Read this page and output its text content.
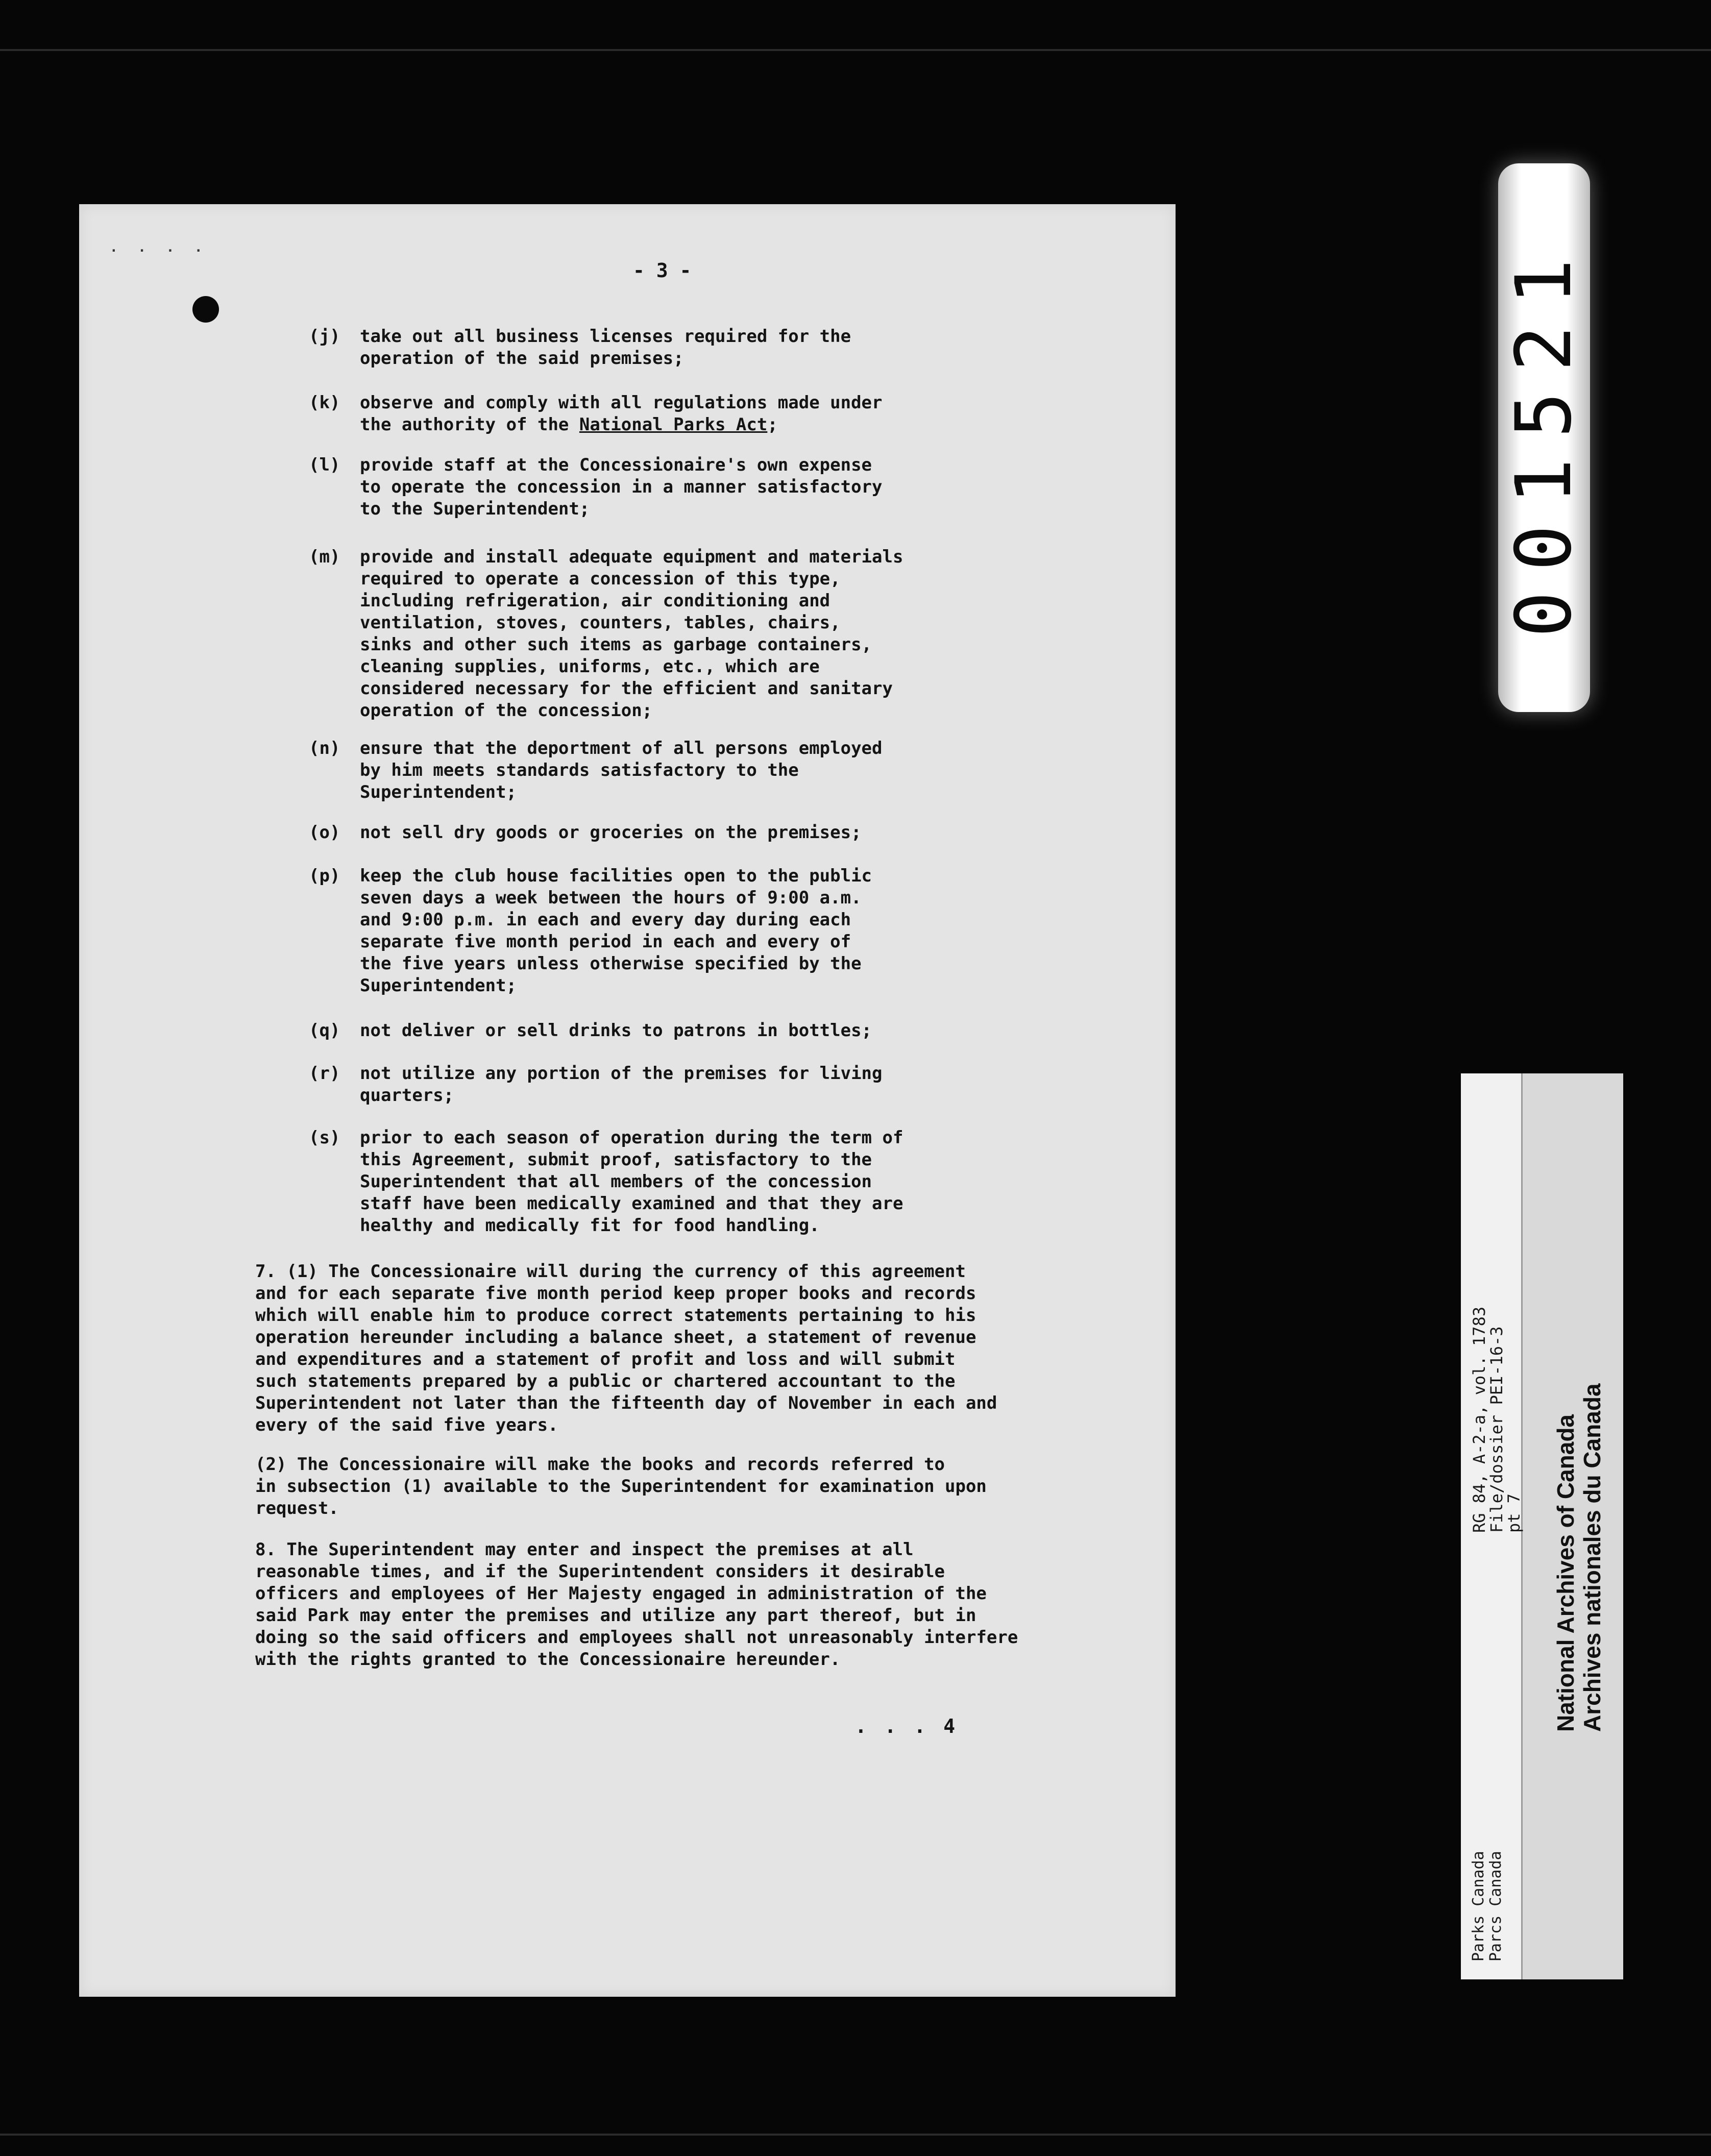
. . . .
- 3 -
(j) take out all business licenses required for the
operation of the said premises;
(k) observe and comply with all regulations made under
the authority of the National Parks Act;
(l) provide staff at the Concessionaire's own expense
to operate the concession in a manner satisfactory
to the Superintendent;
(m) provide and install adequate equipment and materials
required to operate a concession of this type,
including refrigeration, air conditioning and
ventilation, stoves, counters, tables, chairs,
sinks and other such items as garbage containers,
cleaning supplies, uniforms, etc., which are
considered necessary for the efficient and sanitary
operation of the concession;
(n) ensure that the deportment of all persons employed
by him meets standards satisfactory to the
Superintendent;
(o) not sell dry goods or groceries on the premises;
(p) keep the club house facilities open to the public
seven days a week between the hours of 9:00 a.m.
and 9:00 p.m. in each and every day during each
separate five month period in each and every of
the five years unless otherwise specified by the
Superintendent;
(q) not deliver or sell drinks to patrons in bottles;
(r) not utilize any portion of the premises for living
quarters;
(s) prior to each season of operation during the term of
this Agreement, submit proof, satisfactory to the
Superintendent that all members of the concession
staff have been medically examined and that they are
healthy and medically fit for food handling.
7. (1) The Concessionaire will during the currency of this agreement
and for each separate five month period keep proper books and records
which will enable him to produce correct statements pertaining to his
operation hereunder including a balance sheet, a statement of revenue
and expenditures and a statement of profit and loss and will submit
such statements prepared by a public or chartered accountant to the
Superintendent not later than the fifteenth day of November in each and
every of the said five years.
(2) The Concessionaire will make the books and records referred to
in subsection (1) available to the Superintendent for examination upon
request.
8. The Superintendent may enter and inspect the premises at all
reasonable times, and if the Superintendent considers it desirable
officers and employees of Her Majesty engaged in administration of the
said Park may enter the premises and utilize any part thereof, but in
doing so the said officers and employees shall not unreasonably interfere
with the rights granted to the Concessionaire hereunder.
. . . 4
001521
Parks Canada Parcs Canada
RG 84, A-2-a, vol. 1783
File/dossier PEI-16-3
pt 7 National Archives of Canada Archives nationales du Canada
